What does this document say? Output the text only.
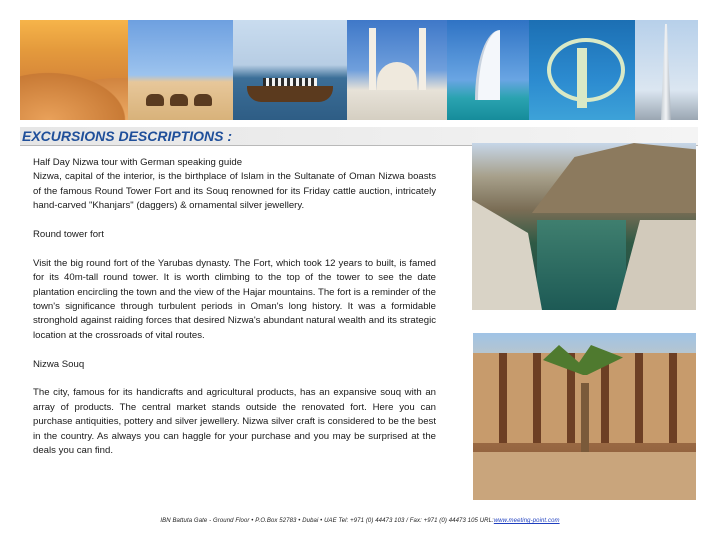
EXCURSIONS DESCRIPTIONS :

Half Day Nizwa tour with German speaking guide

Nizwa, capital of the interior, is the birthplace of Islam in the Sultanate of Oman Nizwa boasts of the famous Round Tower Fort and its Souq renowned for its Friday cattle auction, intricately hand-carved "Khanjars" (daggers) & ornamental silver jewellery.

Round tower fort

Visit the big round fort of the Yarubas dynasty. The Fort, which took 12 years to built, is famed for its 40m-tall round tower. It is worth climbing to the top of the tower to see the date plantation encircling the town and the view of the Hajar mountains. The fort is a reminder of the town's significance through turbulent periods in Oman's long history. It was a formidable stronghold against raiding forces that desired Nizwa's abundant natural wealth and its strategic location at the crossroads of vital routes.

Nizwa Souq

The city, famous for its handicrafts and agricultural products, has an expansive souq with an array of products. The central market stands outside the renovated fort. Here you can purchase antiquities, pottery and silver jewellery. Nizwa silver craft is considered to be the best in the country. As always you can haggle for your purchase and you may be surprised at the deals you can find.

IBN Battuta Gate - Ground Floor • P.O.Box 52783 • Dubai • UAE Tel: +971 (0) 44473 103 / Fax: +971 (0) 44473 105 URL:www.meeting-point.com
